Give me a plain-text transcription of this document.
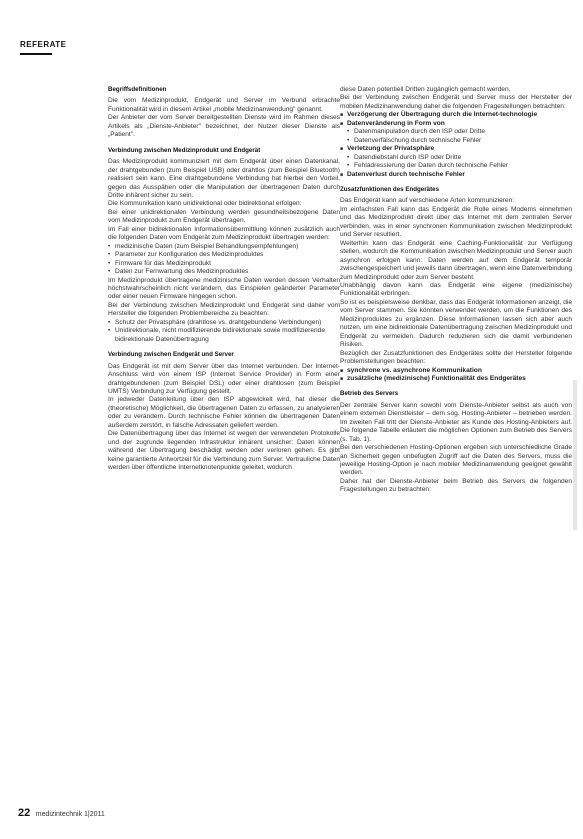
REFERATE
Begriffsdefinitionen

Die vom Medizinprodukt, Endgerät und Server im Verbund erbrachte Funktionalität wird in diesem Artikel „mobile Medizinanwendung" genannt.

Der Anbieter der vom Server bereitgestellten Dienste wird im Rahmen dieses Artikels als „Dienste-Anbieter" bezeichnet, der Nutzer dieser Dienste als „Patient".

Verbindung zwischen Medizinprodukt und Endgerät

Das Medizinprodukt kommuniziert mit dem Endgerät über einen Datenkanal, der drahtgebunden (zum Beispiel USB) oder drahtlos (zum Beispiel Bluetooth) realisiert sein kann. Eine drahtgebundene Verbindung hat hierbei den Vorteil, gegen das Ausspähen oder die Manipulation der übertragenen Daten durch Dritte inhärent sicher zu sein.

Die Kommunikation kann unidirektional oder bidirektional erfolgen:

Bei einer unidirektionalen Verbindung werden gesundheitsbezogene Daten vom Medizinprodukt zum Endgerät übertragen.

Im Fall einer bidirektionalen Informationsübermittlung können zusätzlich auch die folgenden Daten vom Endgerät zum Medizinprodukt übertragen werden:

• medizinische Daten (zum Beispiel Behandlungsempfehlungen)
• Parameter zur Konfiguration des Medizinproduktes
• Firmware für das Medizinprodukt
• Daten zur Fernwartung des Medizinproduktes

Im Medizinprodukt übertragene medizinische Daten werden dessen Verhalten höchstwahrscheinlich nicht verändern, das Einspielen geänderter Parameter oder einer neuen Firmware hingegen schon.

Bei der Verbindung zwischen Medizinprodukt und Endgerät sind daher vom Hersteller die folgenden Problembereiche zu beachten:

• Schutz der Privatsphäre (drahtlose vs. drahtgebundene Verbindungen)
• Unidirektionale, nicht modifizierende bidirektionale sowie modifizierende bidirektionale Datenübertragung
Verbindung zwischen Endgerät und Server

Das Endgerät ist mit dem Server über das Internet verbunden. Der Internet-Anschluss wird von einem ISP (Internet Service Provider) in Form einer drahtgebundenen (zum Beispiel DSL) oder einer drahtlosen (zum Beispiel UMTS) Verbindung zur Verfügung gestellt.

In jedweder Datenleitung über den ISP abgewickelt wird, hat dieser die (theoretische) Möglichkeit, die übertragenen Daten zu erfassen, zu analysieren oder zu verändern. Durch technische Fehler können die übertragenen Daten außerdem zerstört, in falsche Adressaten geliefert werden.

Die Datenübertragung über das Internet ist wegen der verwendeten Protokolle und der zugrunde liegenden Infrastruktur inhärent unsicher: Daten können während der Übertragung beschädigt werden oder verloren gehen. Es gibt keine garantierte Antwortzeit für die Verbindung zum Server. Vertrauliche Daten werden über öffentliche Internetknotenpunkte geleitet, wodurch

diese Daten potentiell Dritten zugänglich gemacht werden.

Bei der Verbindung zwischen Endgerät und Server muss der Hersteller der mobilen Medizinanwendung daher die folgenden Fragestellungen betrachten:

■ Verzögerung der Übertragung durch die Internet-technologie
■ Datenveränderung in Form von
• Datenmanipulation durch den ISP oder Dritte
• Datenverfälschung durch technische Fehler
■ Verletzung der Privatsphäre
• Datendiebstahl durch ISP oder Dritte
• Fehladressierung der Daten durch technische Fehler
■ Datenverlust durch technische Fehler
Zusatzfunktionen des Endgerätes

Das Endgerät kann auf verschiedene Arten kommunizieren:

Im einfachsten Fall kann das Endgerät die Rolle eines Modems einnehmen und das Medizinprodukt direkt über das Internet mit dem zentralen Server verbinden, was in einer synchronen Kommunikation zwischen Medizinprodukt und Server resultiert.

Weiterhin kann das Endgerät eine Caching-Funktionalität zur Verfügung stellen, wodurch die Kommunikation zwischen Medizinprodukt und Server auch asynchron erfolgen kann: Daten werden auf dem Endgerät temporär zwischengespeichert und jeweils dann übertragen, wenn eine Datenverbindung zum Medizinprodukt oder zum Server besteht.

Unabhängig davon kann das Endgerät eine eigene (medizinische) Funktionalität erbringen.

So ist es beispielsweise denkbar, dass das Endgerät Informationen anzeigt, die vom Server stammen. Sie könnten verwendet werden, um die Funktionen des Medizinproduktes zu ergänzen. Diese Informationen lassen sich aber auch nutzen, um eine bidirektionale Datenübertragung zwischen Medizinprodukt und Endgerät zu vermeiden. Dadurch reduzieren sich die damit verbundenen Risiken.

Bezüglich der Zusatzfunktionen des Endgerätes sollte der Hersteller folgende Problemstellungen beachten:

■ synchrone vs. asynchrone Kommunikation
■ zusätzliche (medizinische) Funktionalität des Endgerätes
Betrieb des Servers

Der zentrale Server kann sowohl vom Dienste-Anbieter selbst als auch von einem externen Dienstleister – dem sog. Hosting-Anbieter – betrieben werden. Im zweiten Fall tritt der Dienste-Anbieter als Kunde des Hosting-Anbieters auf. Die folgende Tabelle erläutert die möglichen Optionen zum Betrieb des Servers (s. Tab. 1).

Bei den verschiedenen Hosting-Optionen ergeben sich unterschiedliche Grade an Sicherheit gegen unbefugten Zugriff auf die Daten des Servers, muss die jeweilige Hosting-Option je nach mobiler Medizinanwendung geeignet gewählt werden.

Daher hat der Dienste-Anbieter beim Betrieb des Servers die folgenden Fragestellungen zu betrachten:

22 medizintechnik 1|2011
